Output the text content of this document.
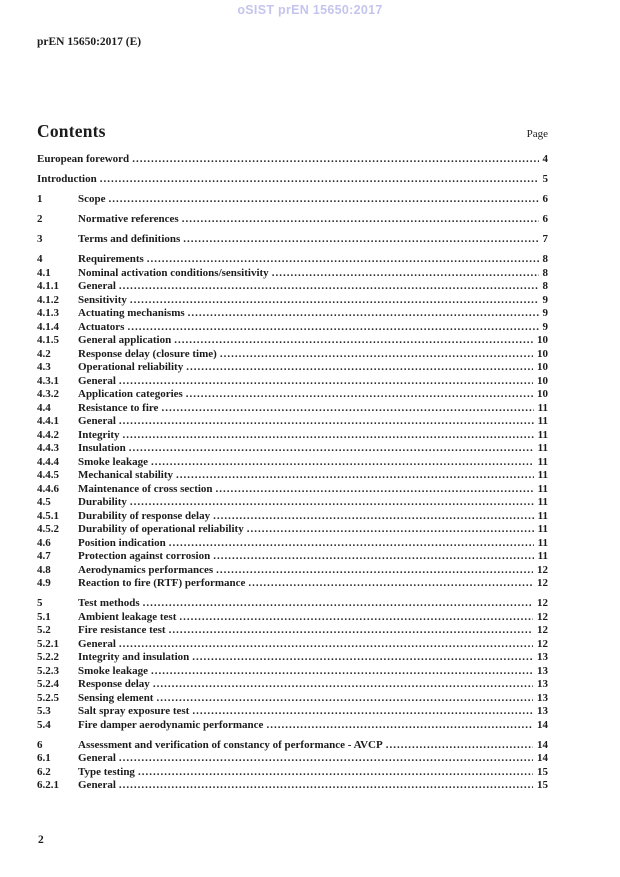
oSIST prEN 15650:2017
prEN 15650:2017 (E)
Contents	Page
European foreword .....	4
Introduction .....	5
1	Scope .....	6
2	Normative references .....	6
3	Terms and definitions .....	7
4	Requirements .....	8
4.1	Nominal activation conditions/sensitivity .....	8
4.1.1	General .....	8
4.1.2	Sensitivity .....	9
4.1.3	Actuating mechanisms .....	9
4.1.4	Actuators .....	9
4.1.5	General application .....	10
4.2	Response delay (closure time) .....	10
4.3	Operational reliability .....	10
4.3.1	General .....	10
4.3.2	Application categories .....	10
4.4	Resistance to fire .....	11
4.4.1	General .....	11
4.4.2	Integrity .....	11
4.4.3	Insulation .....	11
4.4.4	Smoke leakage .....	11
4.4.5	Mechanical stability .....	11
4.4.6	Maintenance of cross section .....	11
4.5	Durability .....	11
4.5.1	Durability of response delay .....	11
4.5.2	Durability of operational reliability .....	11
4.6	Position indication .....	11
4.7	Protection against corrosion .....	11
4.8	Aerodynamics performances .....	12
4.9	Reaction to fire (RTF) performance .....	12
5	Test methods .....	12
5.1	Ambient leakage test .....	12
5.2	Fire resistance test .....	12
5.2.1	General .....	12
5.2.2	Integrity and insulation .....	13
5.2.3	Smoke leakage .....	13
5.2.4	Response delay .....	13
5.2.5	Sensing element .....	13
5.3	Salt spray exposure test .....	13
5.4	Fire damper aerodynamic performance .....	14
6	Assessment and verification of constancy of performance - AVCP .....	14
6.1	General .....	14
6.2	Type testing .....	15
6.2.1	General .....	15
2
